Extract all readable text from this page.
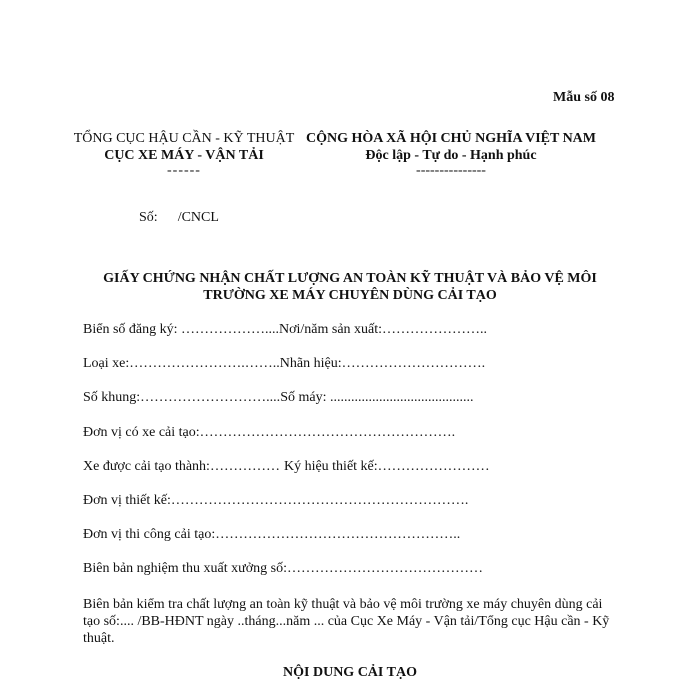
Mẫu số 08
TỔNG CỤC HẬU CẦN - KỸ THUẬT
CỤC XE MÁY - VẬN TẢI
------
CỘNG HÒA XÃ HỘI CHỦ NGHĨA VIỆT NAM
Độc lập - Tự do - Hạnh phúc
---------------
Số: /CNCL
GIẤY CHỨNG NHẬN CHẤT LƯỢNG AN TOÀN KỸ THUẬT VÀ BẢO VỆ MÔI
TRƯỜNG XE MÁY CHUYÊN DÙNG CẢI TẠO
Biển số đăng ký: ………………....Nơi/năm sản xuất:…………………..
Loại xe:…………………….……..Nhãn hiệu:………………………….
Số khung:………………………....Số máy: .........................................
Đơn vị có xe cải tạo:……………………………………………….
Xe được cải tạo thành:…………… Ký hiệu thiết kế:……………………
Đơn vị thiết kế:……………………………………………………….
Đơn vị thi công cải tạo:……………………………………………..
Biên bản nghiệm thu xuất xưởng số:……………………………………
Biên bản kiểm tra chất lượng an toàn kỹ thuật và bảo vệ môi trường xe máy chuyên dùng cải tạo số:.... /BB-HĐNT ngày ..tháng...năm ... của Cục Xe Máy - Vận tải/Tổng cục Hậu cần - Kỹ thuật.
NỘI DUNG CẢI TẠO
